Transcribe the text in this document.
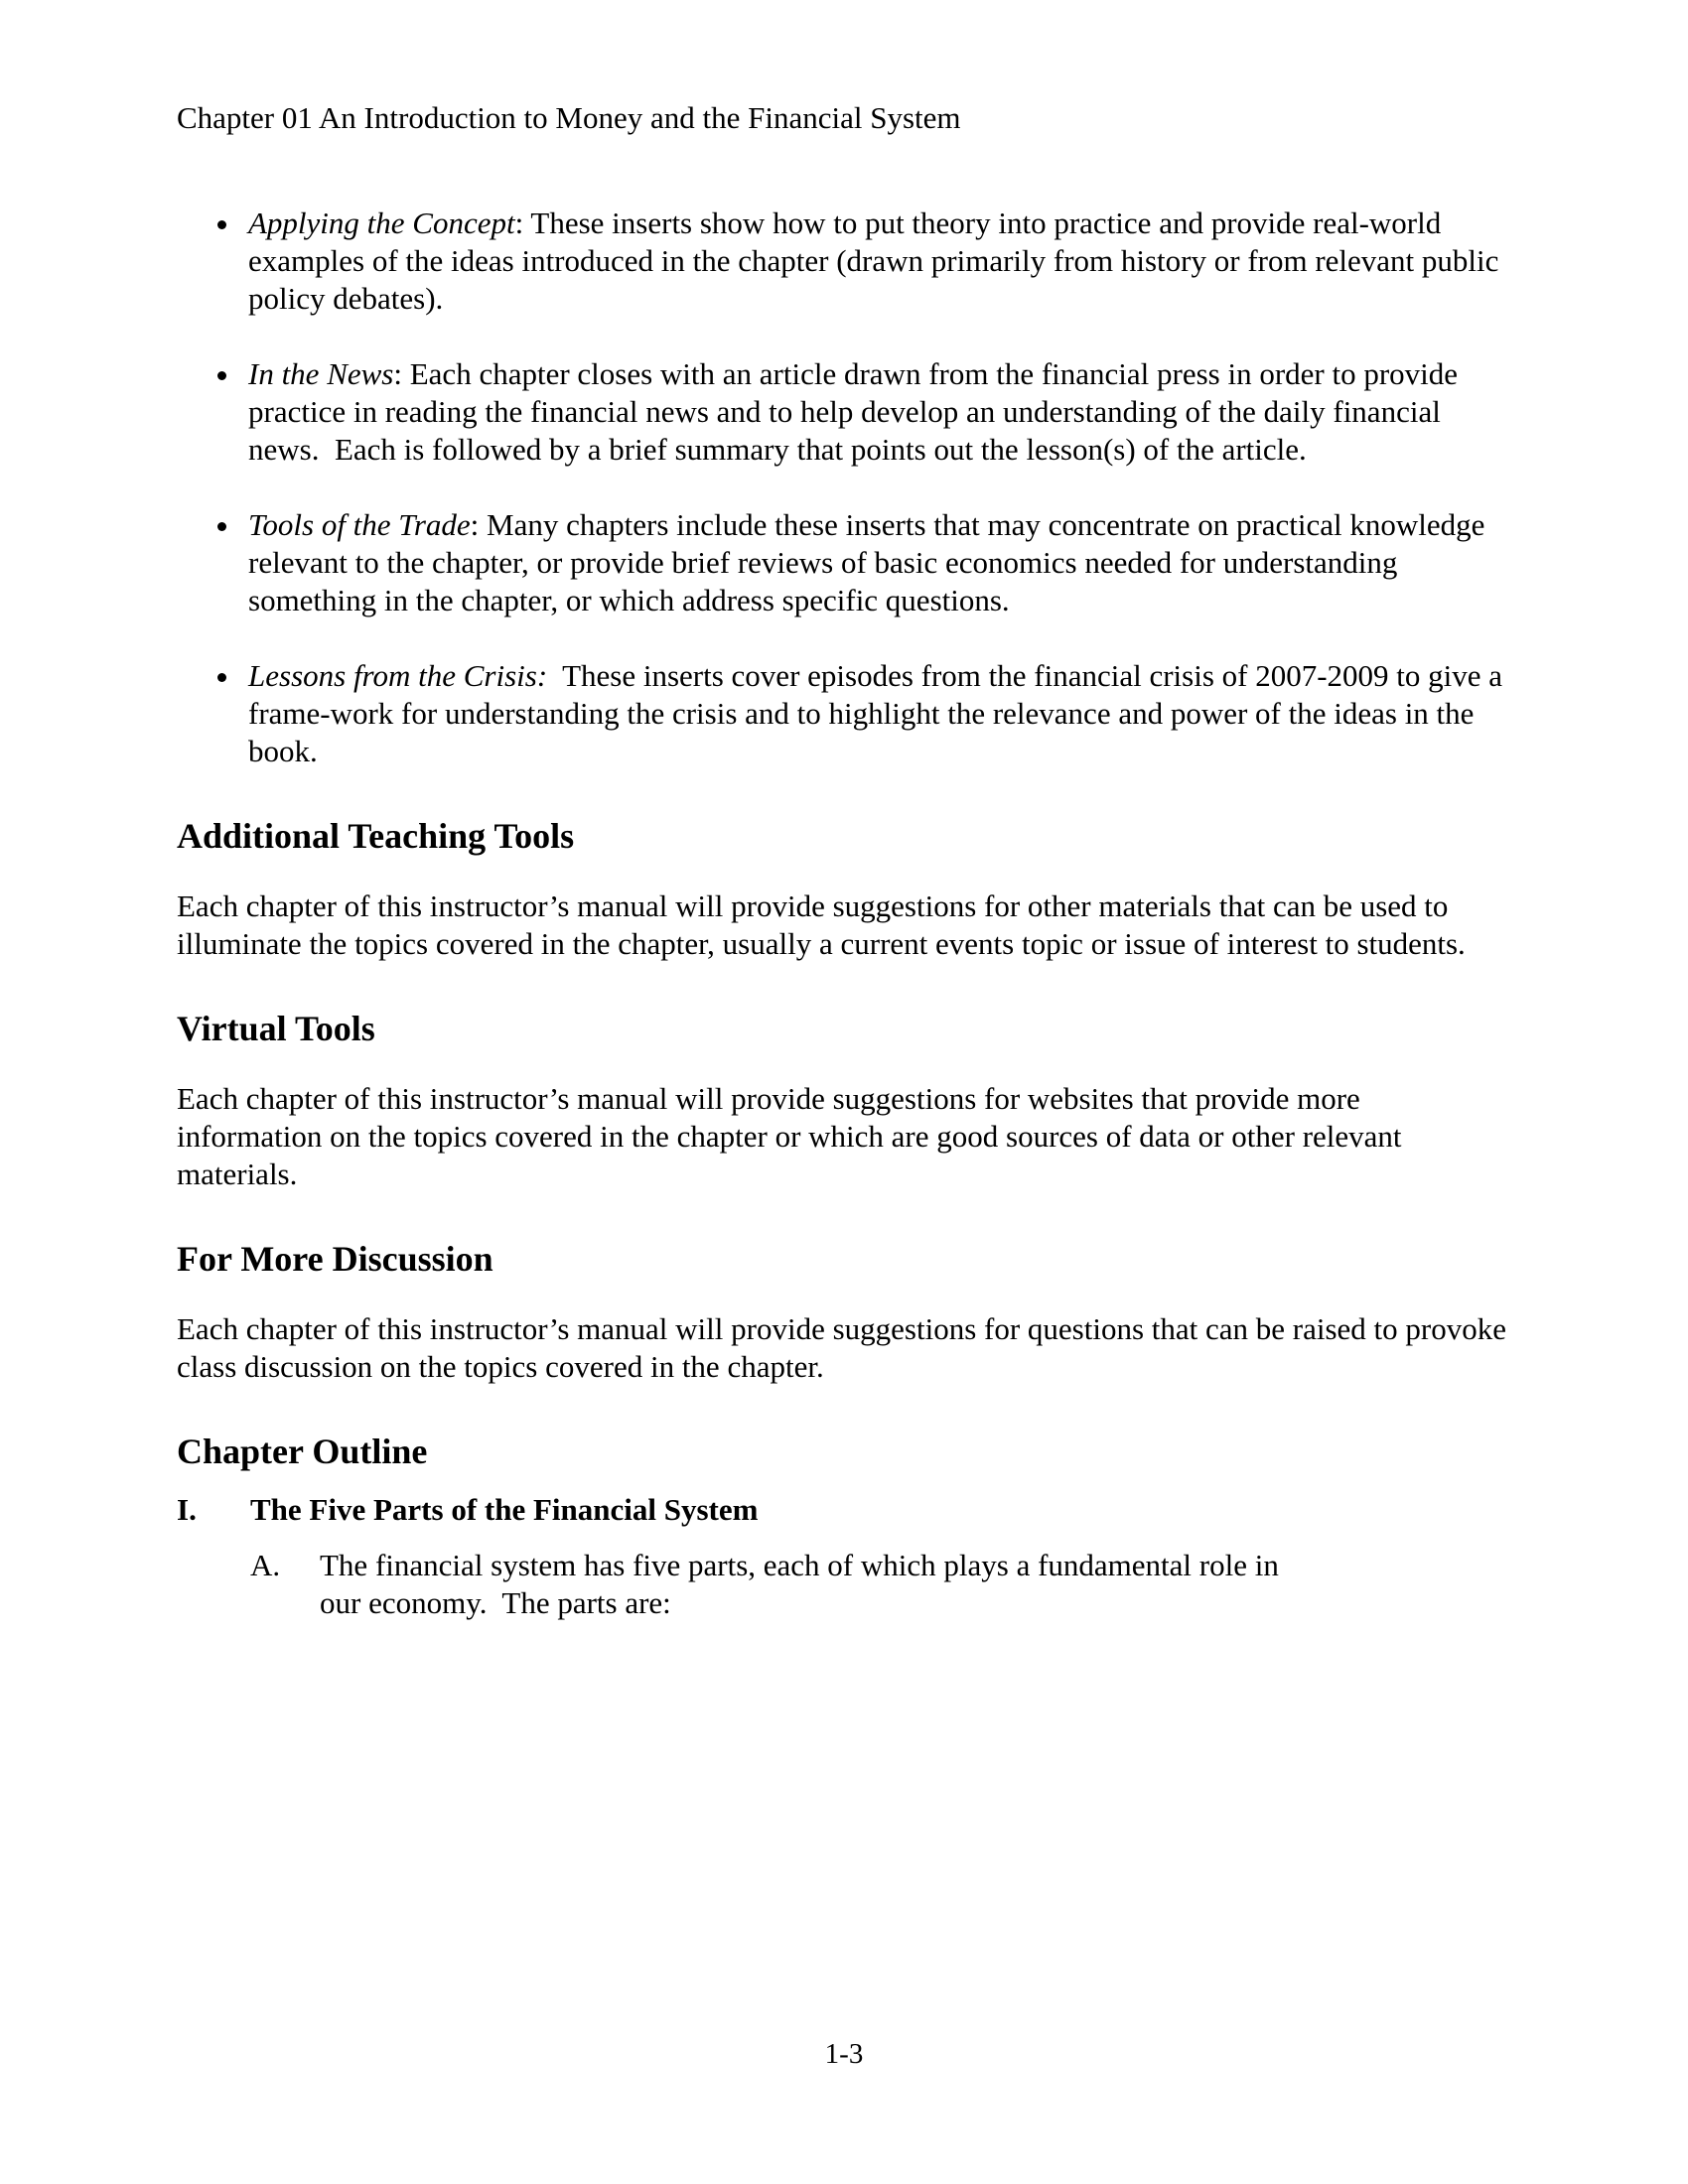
Chapter 01 An Introduction to Money and the Financial System
• Applying the Concept: These inserts show how to put theory into practice and provide real-world examples of the ideas introduced in the chapter (drawn primarily from history or from relevant public policy debates).
• In the News: Each chapter closes with an article drawn from the financial press in order to provide practice in reading the financial news and to help develop an understanding of the daily financial news.  Each is followed by a brief summary that points out the lesson(s) of the article.
• Tools of the Trade: Many chapters include these inserts that may concentrate on practical knowledge relevant to the chapter, or provide brief reviews of basic economics needed for understanding something in the chapter, or which address specific questions.
• Lessons from the Crisis:  These inserts cover episodes from the financial crisis of 2007-2009 to give a frame-work for understanding the crisis and to highlight the relevance and power of the ideas in the book.
Additional Teaching Tools

Each chapter of this instructor’s manual will provide suggestions for other materials that can be used to illuminate the topics covered in the chapter, usually a current events topic or issue of interest to students.

Virtual Tools

Each chapter of this instructor’s manual will provide suggestions for websites that provide more information on the topics covered in the chapter or which are good sources of data or other relevant materials.

For More Discussion

Each chapter of this instructor’s manual will provide suggestions for questions that can be raised to provoke class discussion on the topics covered in the chapter.

Chapter Outline
I.	The Five Parts of the Financial System
A.	The financial system has five parts, each of which plays a fundamental role in our economy.  The parts are:
1-3
